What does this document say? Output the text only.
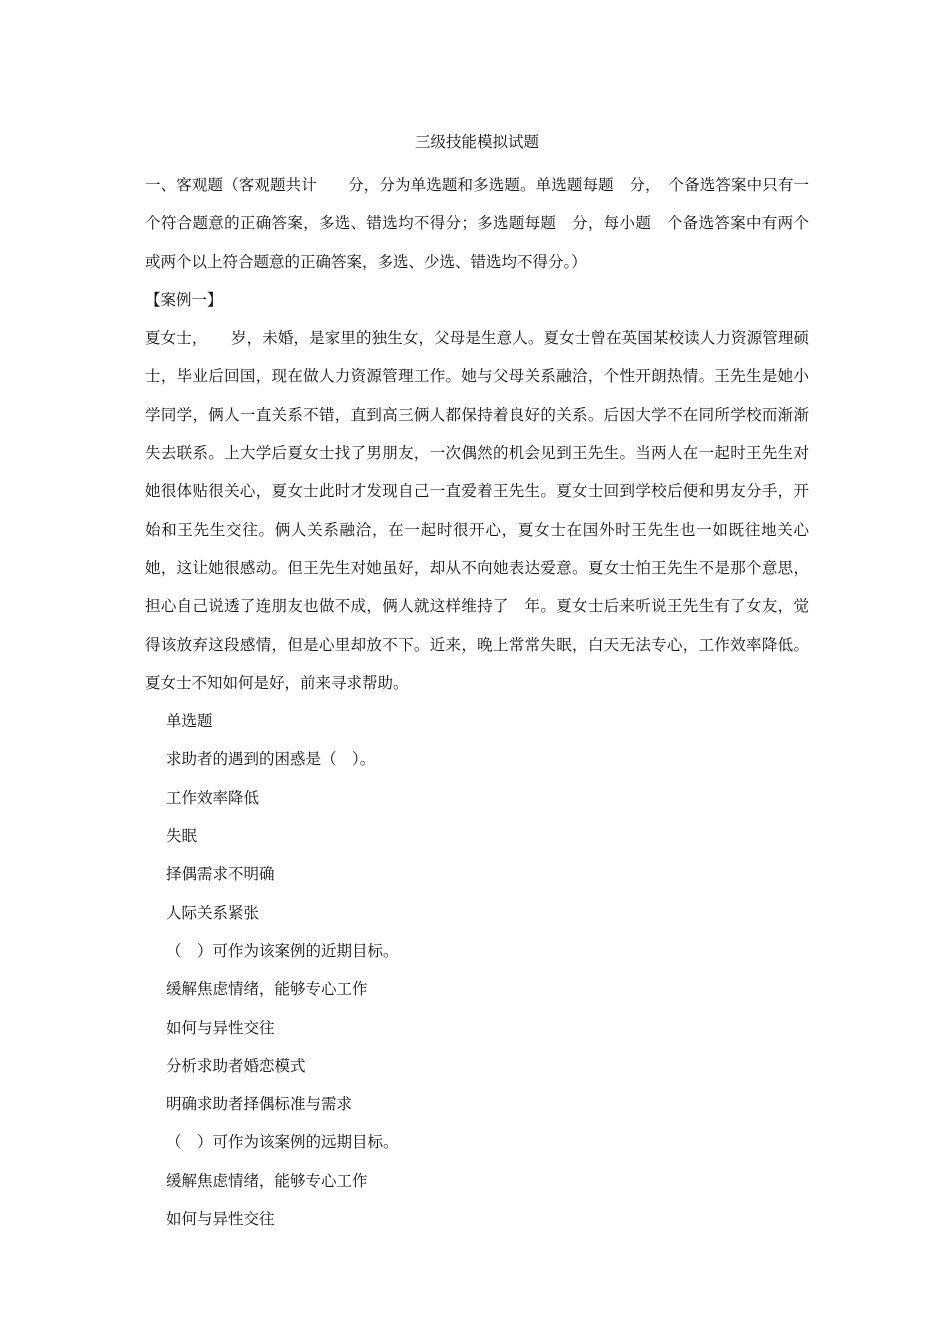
三级技能模拟试题

一、客观题（客观题共计　　分，分为单选题和多选题。单选题每题　分，　个备选答案中只有一个符合题意的正确答案，多选、错选均不得分；多选题每题　分，每小题　个备选答案中有两个或两个以上符合题意的正确答案，多选、少选、错选均不得分。）

【案例一】

夏女士，　　岁，未婚，是家里的独生女，父母是生意人。夏女士曾在英国某校读人力资源管理硕士，毕业后回国，现在做人力资源管理工作。她与父母关系融洽，个性开朗热情。王先生是她小学同学，俩人一直关系不错，直到高三俩人都保持着良好的关系。后因大学不在同所学校而渐渐失去联系。上大学后夏女士找了男朋友，一次偶然的机会见到王先生。当两人在一起时王先生对她很体贴很关心，夏女士此时才发现自己一直爱着王先生。夏女士回到学校后便和男友分手，开始和王先生交往。俩人关系融洽，在一起时很开心，夏女士在国外时王先生也一如既往地关心她，这让她很感动。但王先生对她虽好，却从不向她表达爱意。夏女士怕王先生不是那个意思，担心自己说透了连朋友也做不成，俩人就这样维持了　年。夏女士后来听说王先生有了女友，觉得该放弃这段感情，但是心里却放不下。近来，晚上常常失眠，白天无法专心，工作效率降低。夏女士不知如何是好，前来寻求帮助。

单选题
求助者的遇到的困惑是（　）。
工作效率降低
失眠
择偶需求不明确
人际关系紧张
（　）可作为该案例的近期目标。
缓解焦虑情绪，能够专心工作
如何与异性交往
分析求助者婚恋模式
明确求助者择偶标准与需求
（　）可作为该案例的远期目标。
缓解焦虑情绪，能够专心工作
如何与异性交往
